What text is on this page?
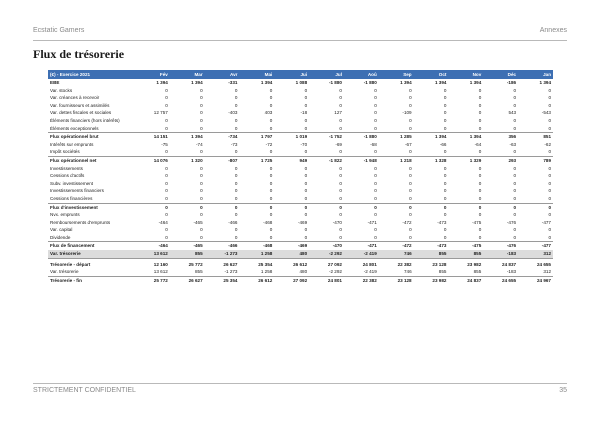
Ecstatic Gamers	Annexes
Flux de trésorerie
(€) - Exercice 2021	Fév	Mar	Avr	Mai	Jui	Jul	Aoû	Sep	Oct	Nov	Déc	Jan
EBE	1 394	1 394	-331	1 394	1 088	-1 880	-1 880	1 394	1 394	1 394	-186	1 394
Var. stocks	0	0	0	0	0	0	0	0	0	0	0	0
Var. créances à recevoir	0	0	0	0	0	0	0	0	0	0	0	0
Var. fournisseurs et assimilés	0	0	0	0	0	0	0	0	0	0	0	0
Var. dettes fiscales et sociales	12 757	0	-403	403	-18	127	0	-109	0	0	543	-543
Éléments financiers (hors intérêts)	0	0	0	0	0	0	0	0	0	0	0	0
Éléments exceptionnels	0	0	0	0	0	0	0	0	0	0	0	0
Flux opérationnel brut	14 151	1 394	-734	1 797	1 019	-1 752	-1 880	1 285	1 394	1 394	356	851
Intérêts sur emprunts	-75	-74	-73	-72	-70	-69	-68	-67	-66	-64	-63	-62
Impôt sociétés	0	0	0	0	0	0	0	0	0	0	0	0
Flux opérationnel net	14 076	1 320	-807	1 725	949	-1 822	-1 948	1 218	1 328	1 329	293	789
Investissements	0	0	0	0	0	0	0	0	0	0	0	0
Cessions d'actifs	0	0	0	0	0	0	0	0	0	0	0	0
Subv. investissement	0	0	0	0	0	0	0	0	0	0	0	0
Investissements financiers	0	0	0	0	0	0	0	0	0	0	0	0
Cessions financières	0	0	0	0	0	0	0	0	0	0	0	0
Flux d'investissement	0	0	0	0	0	0	0	0	0	0	0	0
Nvx. emprunts	0	0	0	0	0	0	0	0	0	0	0	0
Remboursements d'emprunts	-464	-465	-466	-468	-469	-470	-471	-472	-473	-475	-476	-477
Var. capital	0	0	0	0	0	0	0	0	0	0	0	0
Dividende	0	0	0	0	0	0	0	0	0	0	0	0
Flux de financement	-464	-465	-466	-468	-469	-470	-471	-472	-473	-475	-476	-477
Var. trésorerie	13 612	855	-1 273	1 258	480	-2 292	-2 419	746	855	855	-183	312
Trésorerie - départ	12 160	25 772	26 627	25 354	26 612	27 092	24 801	22 382	23 128	23 982	24 837	24 655
Var. trésorerie	13 612	855	-1 273	1 258	480	-2 292	-2 419	746	855	855	-183	312
Trésorerie - fin	25 772	26 627	25 354	26 612	27 092	24 801	22 382	23 128	23 982	24 837	24 655	24 967
STRICTEMENT CONFIDENTIEL	35
